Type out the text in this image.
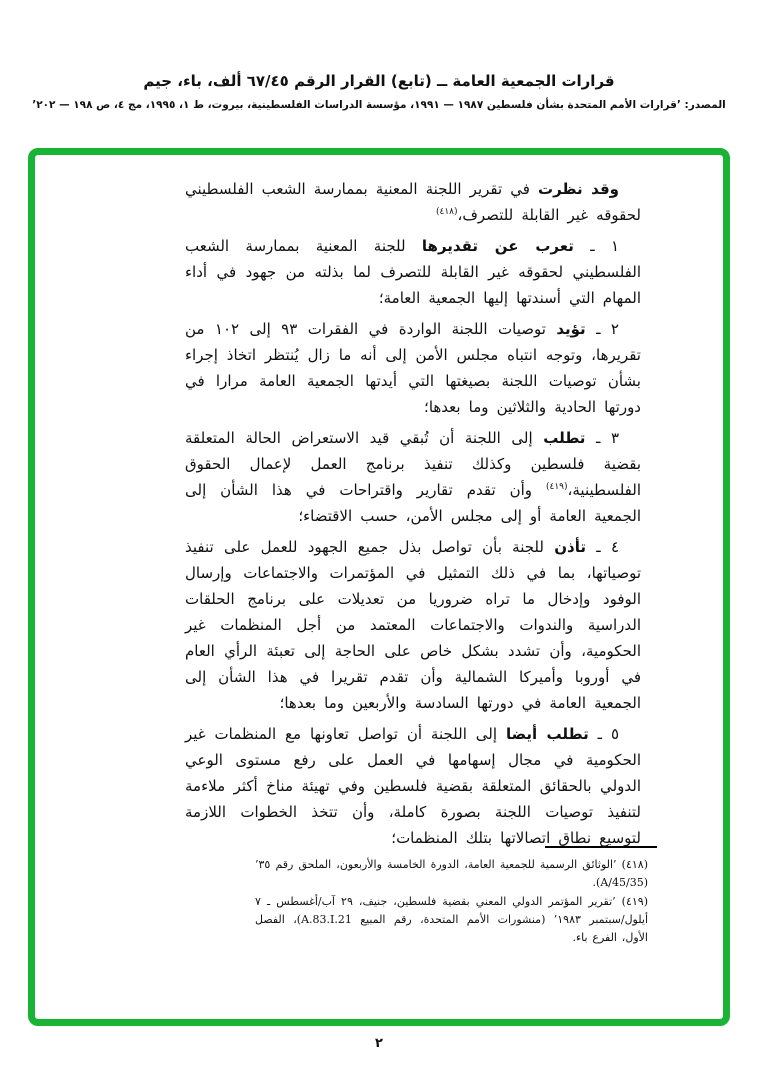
قرارات الجمعية العامة ــ (تابع) القرار الرقم ٦٧/٤٥ ألف، باء، جيم
المصدر: ’قرارات الأمم المتحدة بشأن فلسطين ١٩٨٧ — ١٩٩١، مؤسسة الدراسات الفلسطينية، بيروت، ط ١، ١٩٩٥، مج ٤، ص ١٩٨ — ٢٠٢’

وقد نظرت في تقرير اللجنة المعنية بممارسة الشعب الفلسطيني لحقوقه غير القابلة للتصرف،$^{(٤١٨)}$

١ ـ تعرب عن تقديرها للجنة المعنية بممارسة الشعب الفلسطيني لحقوقه غير القابلة للتصرف لما بذلته من جهود في أداء المهام التي أسندتها إليها الجمعية العامة؛

٢ ـ تؤيد توصيات اللجنة الواردة في الفقرات ٩٣ إلى ١٠٢ من تقريرها، وتوجه انتباه مجلس الأمن إلى أنه ما زال يُنتظر اتخاذ إجراء بشأن توصيات اللجنة بصيغتها التي أيدتها الجمعية العامة مرارا في دورتها الحادية والثلاثين وما بعدها؛

٣ ـ تطلب إلى اللجنة أن تُبقي قيد الاستعراض الحالة المتعلقة بقضية فلسطين وكذلك تنفيذ برنامج العمل لإعمال الحقوق الفلسطينية،$^{(٤١٩)}$ وأن تقدم تقارير واقتراحات في هذا الشأن إلى الجمعية العامة أو إلى مجلس الأمن، حسب الاقتضاء؛

٤ ـ تأذن للجنة بأن تواصل بذل جميع الجهود للعمل على تنفيذ توصياتها، بما في ذلك التمثيل في المؤتمرات والاجتماعات وإرسال الوفود وإدخال ما تراه ضروريا من تعديلات على برنامج الحلقات الدراسية والندوات والاجتماعات المعتمد من أجل المنظمات غير الحكومية، وأن تشدد بشكل خاص على الحاجة إلى تعبئة الرأي العام في أوروبا وأميركا الشمالية وأن تقدم تقريرا في هذا الشأن إلى الجمعية العامة في دورتها السادسة والأربعين وما بعدها؛

٥ ـ تطلب أيضا إلى اللجنة أن تواصل تعاونها مع المنظمات غير الحكومية في مجال إسهامها في العمل على رفع مستوى الوعي الدولي بالحقائق المتعلقة بقضية فلسطين وفي تهيئة مناخ أكثر ملاءمة لتنفيذ توصيات اللجنة بصورة كاملة، وأن تتخذ الخطوات اللازمة لتوسيع نطاق اتصالاتها بتلك المنظمات؛

(٤١٨) ’الوثائق الرسمية للجمعية العامة، الدورة الخامسة والأربعون، الملحق رقم ٣٥’ (A/45/35).

(٤١٩) ’تقرير المؤتمر الدولي المعني بقضية فلسطين، جنيف، ٢٩ آب/أغسطس ـ ٧ أيلول/سبتمبر ١٩٨٣’ (منشورات الأمم المتحدة، رقم المبيع A.83.I.21)، الفصل الأول، الفرع باء.

٢
